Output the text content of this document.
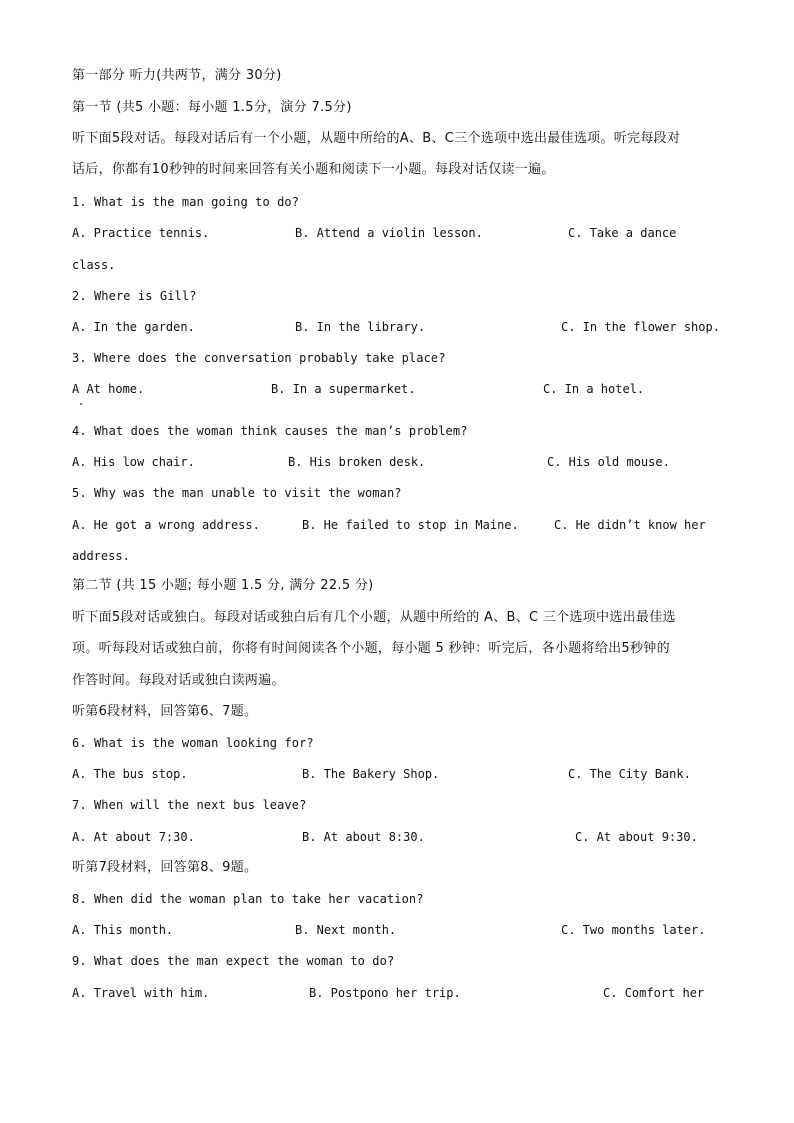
第一部分 听力(共两节，满分 30分)
第一节 (共5 小题：每小题 1.5分，演分 7.5分)
听下面5段对话。每段对话后有一个小题，从题中所给的A、B、C三个选项中选出最佳选项。听完每段对
话后，你都有10秒钟的时间来回答有关小题和阅读下一小题。每段对话仅读一遍。
1. What is the man going to do?
A. Practice tennis.	B. Attend a violin lesson.	C. Take a dance
class.
2. Where is Gill?
A. In the garden.	B. In the library.	C. In the flower shop.
3. Where does the conversation probably take place?
A At home.	B. In a supermarket.	C. In a hotel.
4. What does the woman think causes the man’s problem?
A. His low chair.	B. His broken desk.	C. His old mouse.
5. Why was the man unable to visit the woman?
A. He got a wrong address.	B. He failed to stop in Maine.	C. He didn’t know her
address.
第二节 (共 15 小题; 每小题 1.5 分, 满分 22.5 分)
听下面5段对话或独白。每段对话或独白后有几个小题，从题中所给的 A、B、C 三个选项中选出最佳选
项。听每段对话或独白前，你将有时间阅读各个小题，每小题 5 秒钟：听完后，各小题将给出5秒钟的
作答时间。每段对话或独白读两遍。
听第6段材料，回答第6、7题。
6. What is the woman looking for?
A. The bus stop.	B. The Bakery Shop.	C. The City Bank.
7. When will the next bus leave?
A. At about 7:30.	B. At about 8:30.	C. At about 9:30.
听第7段材料，回答第8、9题。
8. When did the woman plan to take her vacation?
A. This month.	B. Next month.	C. Two months later.
9. What does the man expect the woman to do?
A. Travel with him.	B. Postpono her trip.	C. Comfort her
